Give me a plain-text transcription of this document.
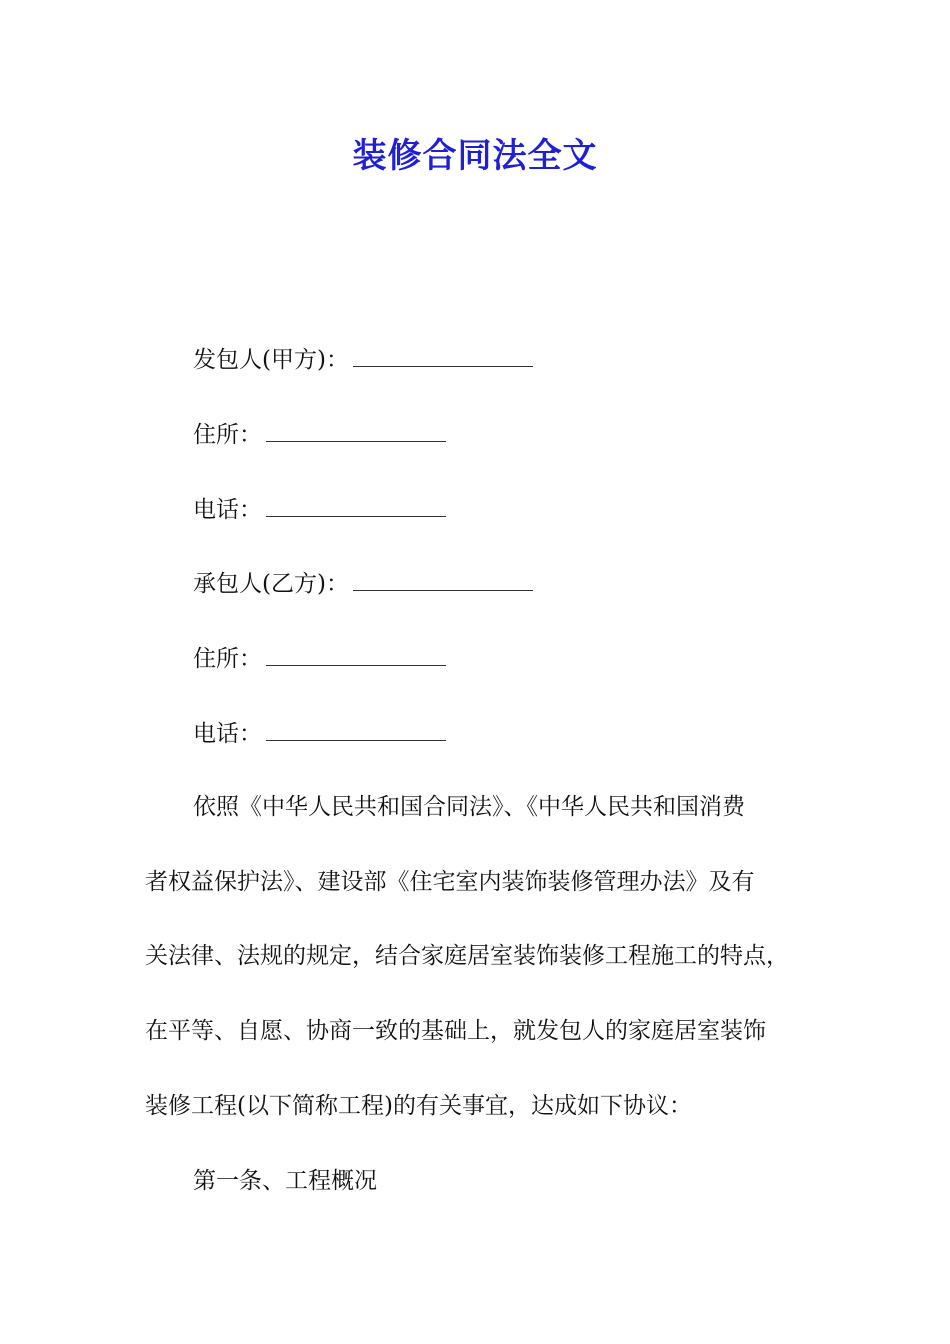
装修合同法全文
发包人(甲方)：
住所：
电话：
承包人(乙方)：
住所：
电话：
依照《中华人民共和国合同法》、《中华人民共和国消费
者权益保护法》、建设部《住宅室内装饰装修管理办法》及有
关法律、法规的规定，结合家庭居室装饰装修工程施工的特点，
在平等、自愿、协商一致的基础上，就发包人的家庭居室装饰
装修工程(以下简称工程)的有关事宜，达成如下协议：
第一条、工程概况
